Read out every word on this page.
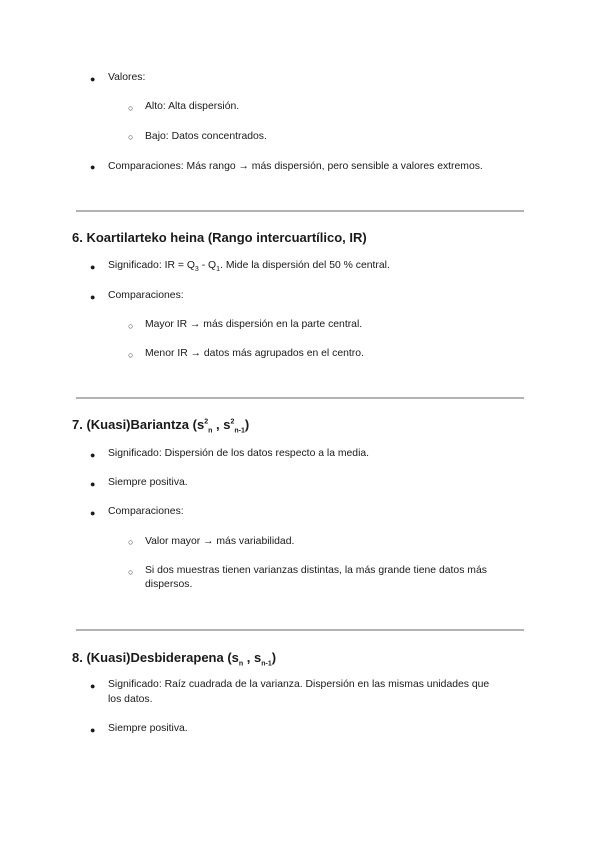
● Valores:
○ Alto: Alta dispersión.
○ Bajo: Datos concentrados.
● Comparaciones: Más rango → más dispersión, pero sensible a valores extremos.
6. Koartilarteko heina (Rango intercuartílico, IR)
● Significado: IR = $Q_3 - Q_1$. Mide la dispersión del 50 % central.
● Comparaciones:
○ Mayor IR → más dispersión en la parte central.
○ Menor IR → datos más agrupados en el centro.
7. (Kuasi)Bariantza ($s^2_n$ , $s^2_{n-1}$)
● Significado: Dispersión de los datos respecto a la media.
● Siempre positiva.
● Comparaciones:
○ Valor mayor → más variabilidad.
○ Si dos muestras tienen varianzas distintas, la más grande tiene datos más
dispersos.
8. (Kuasi)Desbiderapena ($s_n$ , $s_{n-1}$)
● Significado: Raíz cuadrada de la varianza. Dispersión en las mismas unidades que
los datos.
● Siempre positiva.
